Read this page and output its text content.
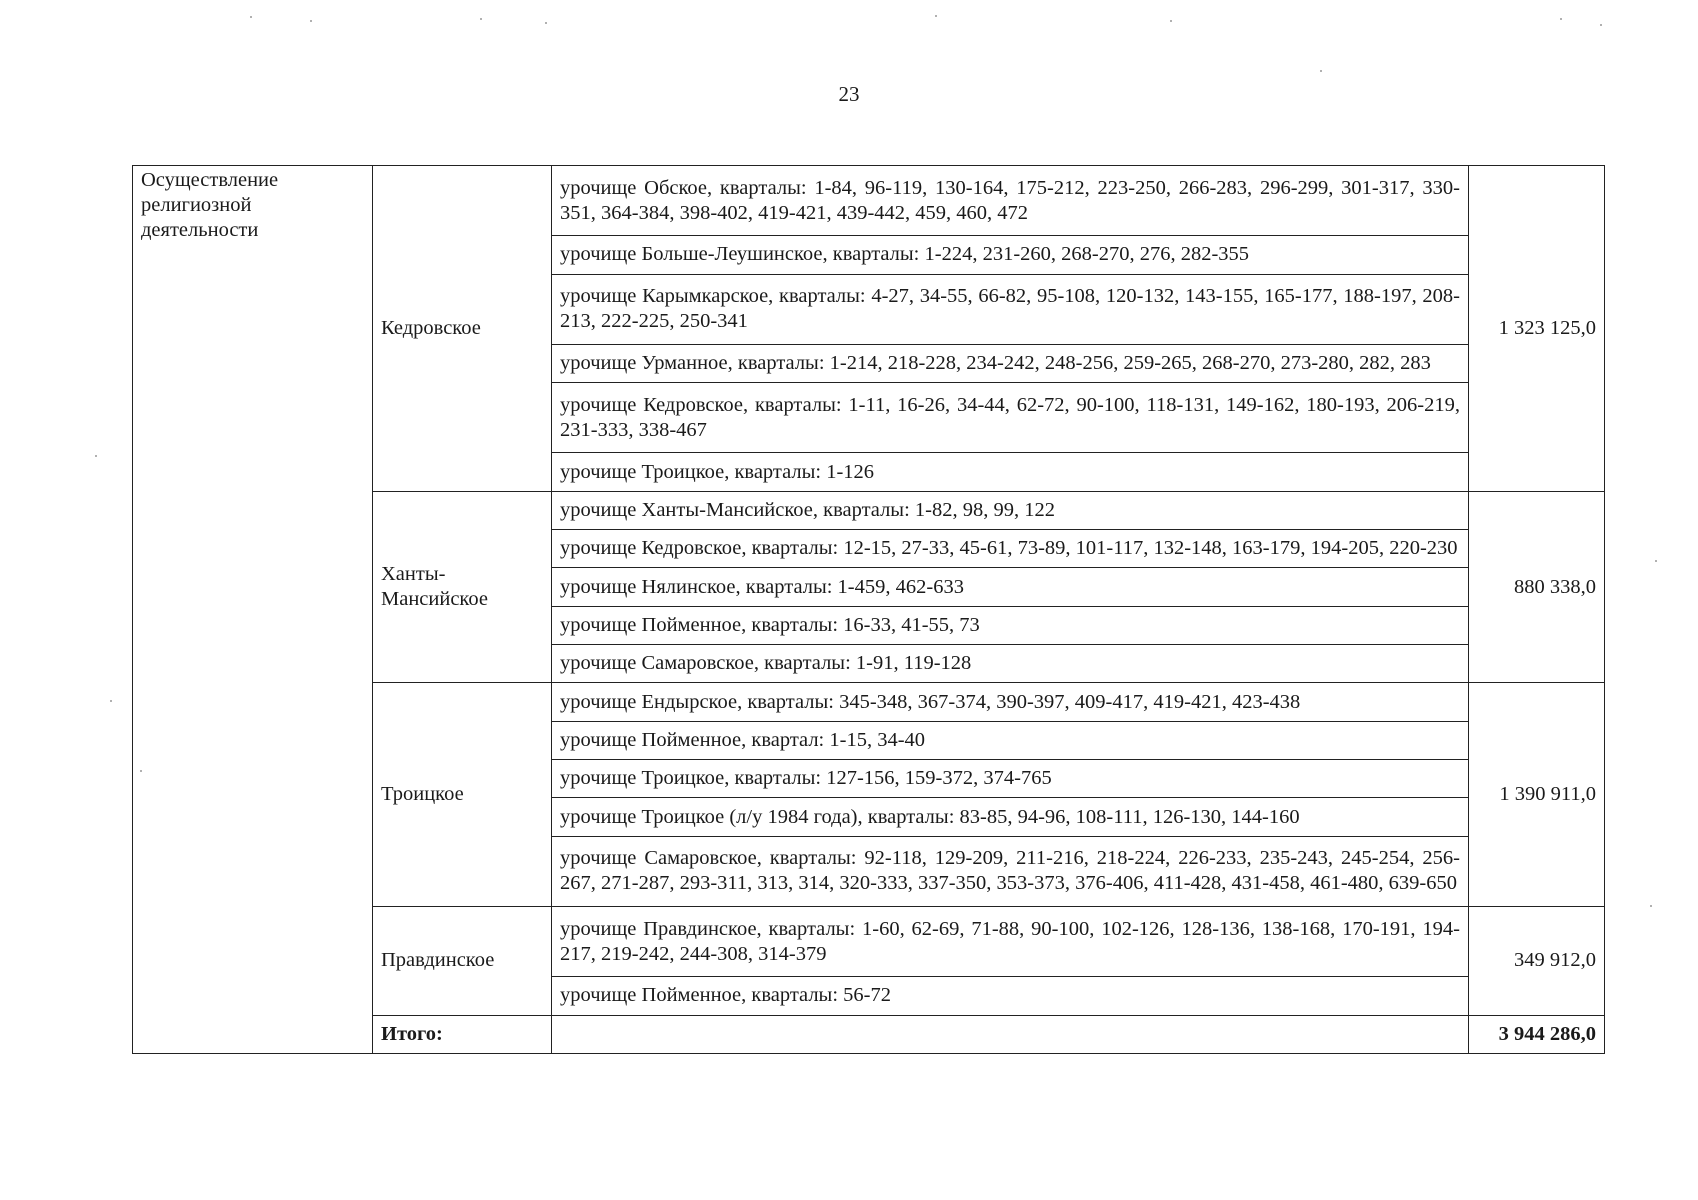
23
Осуществление религиозной деятельности	Кедровское	урочище Обское, кварталы: 1-84, 96-119, 130-164, 175-212, 223-250, 266-283, 296-299, 301-317, 330-351, 364-384, 398-402, 419-421, 439-442, 459, 460, 472	1 323 125,0
		урочище Больше-Леушинское, кварталы: 1-224, 231-260, 268-270, 276, 282-355	
		урочище Карымкарское, кварталы: 4-27, 34-55, 66-82, 95-108, 120-132, 143-155, 165-177, 188-197, 208-213, 222-225, 250-341	
		урочище Урманное, кварталы: 1-214, 218-228, 234-242, 248-256, 259-265, 268-270, 273-280, 282, 283	
		урочище Кедровское, кварталы: 1-11, 16-26, 34-44, 62-72, 90-100, 118-131, 149-162, 180-193, 206-219, 231-333, 338-467	
		урочище Троицкое, кварталы: 1-126	
	Ханты-Мансийское	урочище Ханты-Мансийское, кварталы: 1-82, 98, 99, 122	880 338,0
		урочище Кедровское, кварталы: 12-15, 27-33, 45-61, 73-89, 101-117, 132-148, 163-179, 194-205, 220-230	
		урочище Нялинское, кварталы: 1-459, 462-633	
		урочище Пойменное, кварталы: 16-33, 41-55, 73	
		урочище Самаровское, кварталы: 1-91, 119-128	
	Троицкое	урочище Ендырское, кварталы: 345-348, 367-374, 390-397, 409-417, 419-421, 423-438	1 390 911,0
		урочище Пойменное, квартал: 1-15, 34-40	
		урочище Троицкое, кварталы: 127-156, 159-372, 374-765	
		урочище Троицкое (л/у 1984 года), кварталы: 83-85, 94-96, 108-111, 126-130, 144-160	
		урочище Самаровское, кварталы: 92-118, 129-209, 211-216, 218-224, 226-233, 235-243, 245-254, 256-267, 271-287, 293-311, 313, 314, 320-333, 337-350, 353-373, 376-406, 411-428, 431-458, 461-480, 639-650	
	Правдинское	урочище Правдинское, кварталы: 1-60, 62-69, 71-88, 90-100, 102-126, 128-136, 138-168, 170-191, 194-217, 219-242, 244-308, 314-379	349 912,0
		урочище Пойменное, кварталы: 56-72	
	Итого:		3 944 286,0
